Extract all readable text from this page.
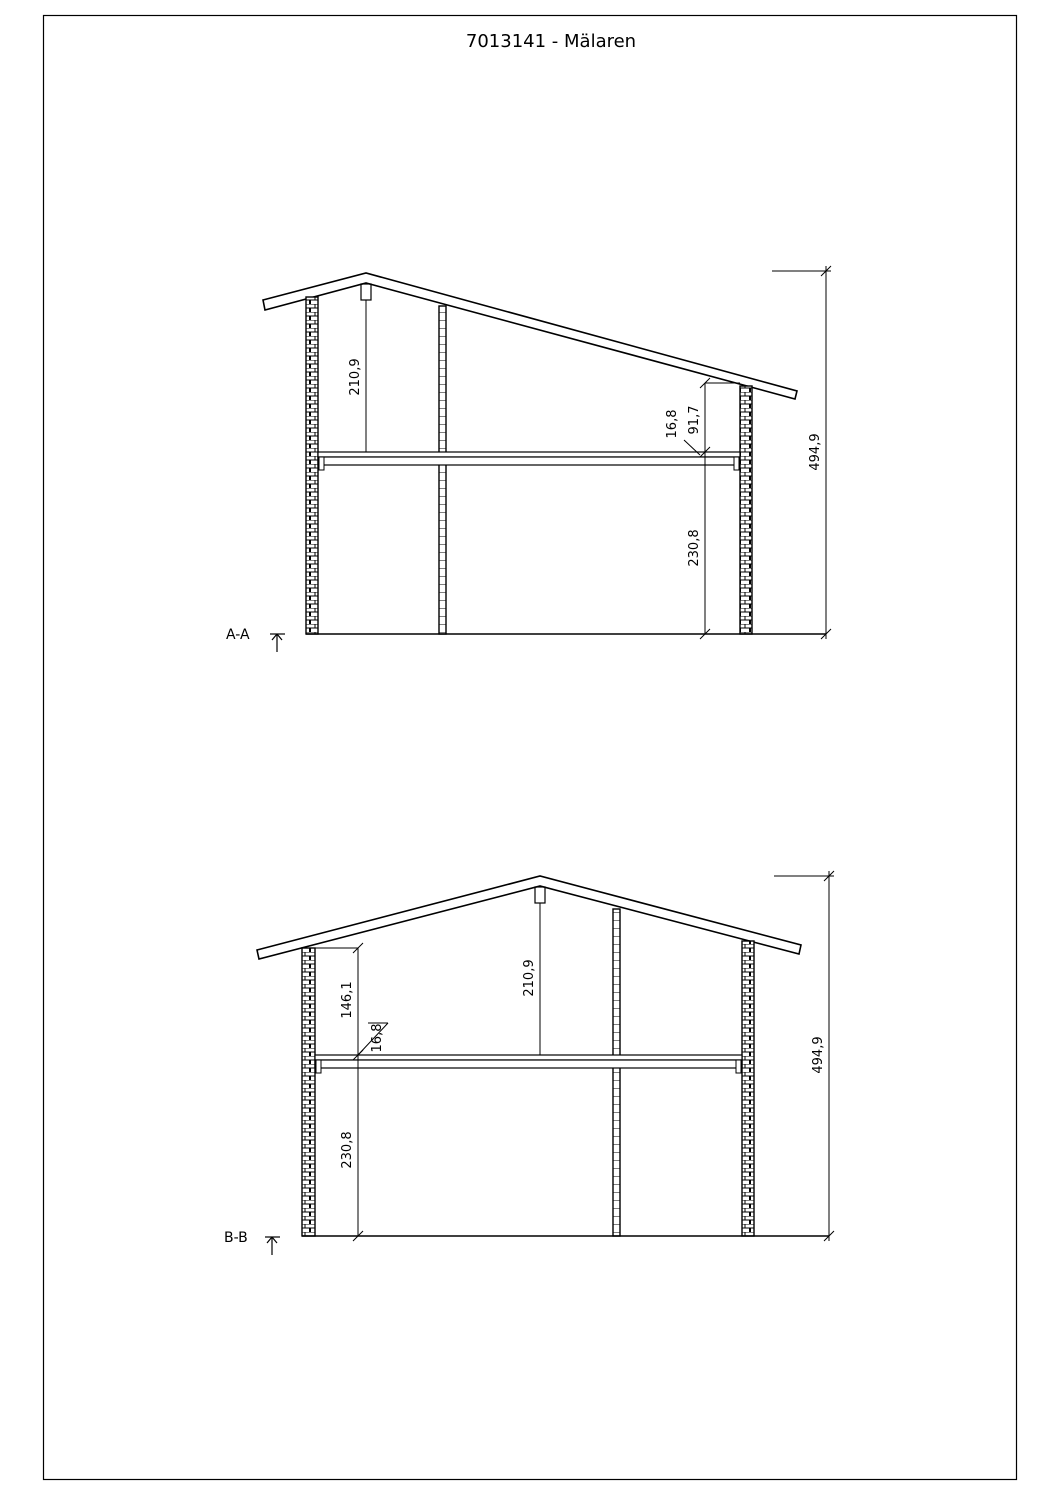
7013141 - Mälaren
210,9
91,7
16,8
230,8
494,9
A-A
146,1
16,8
230,8
210,9
494,9
B-B
